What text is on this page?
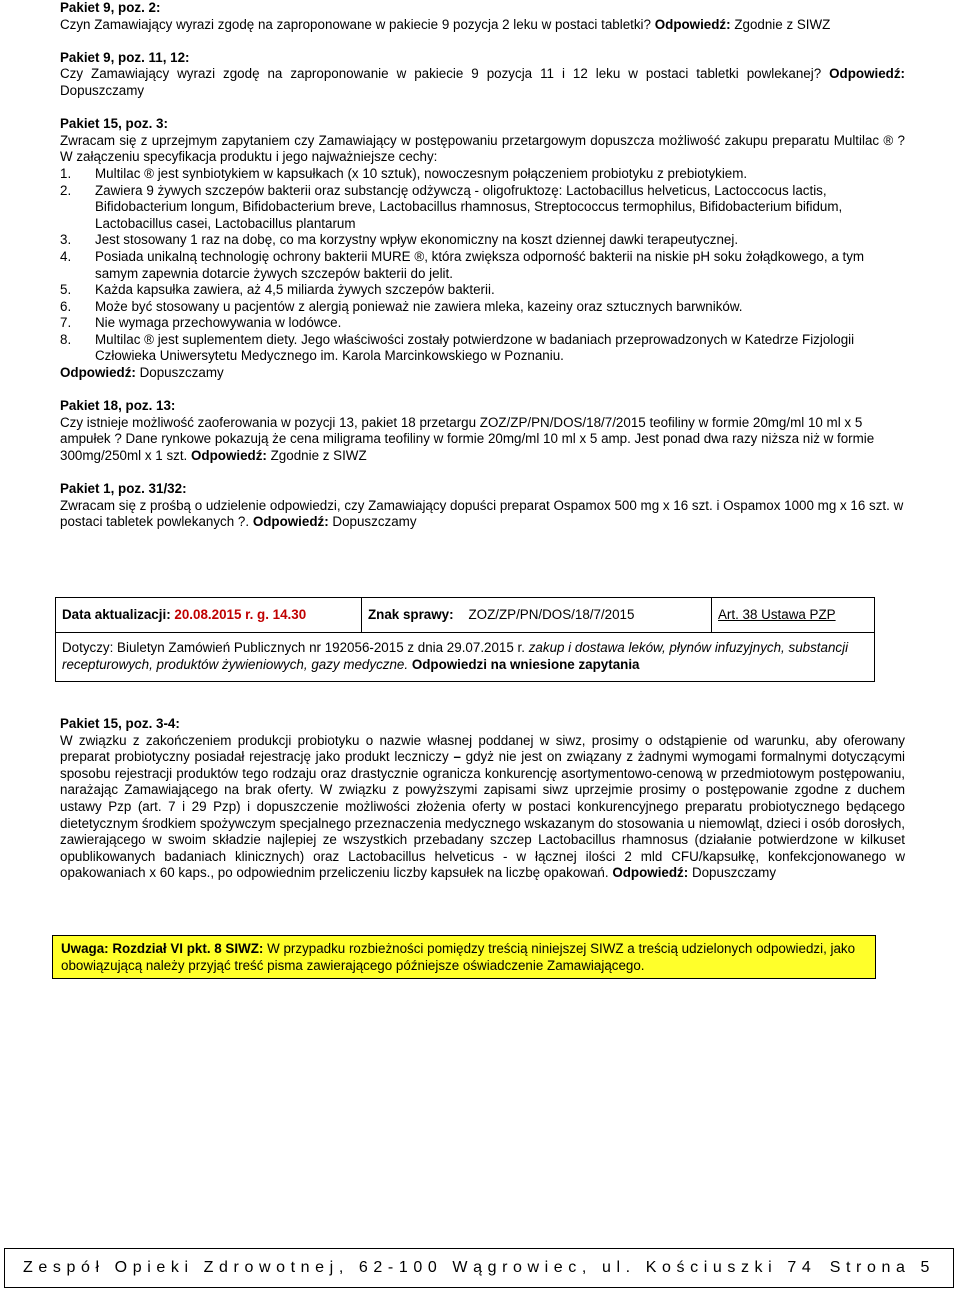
Pakiet 9, poz. 2:
Czyn Zamawiający wyrazi zgodę na zaproponowane w pakiecie 9 pozycja 2 leku w postaci tabletki? Odpowiedź: Zgodnie z SIWZ
Pakiet 9, poz. 11, 12:
Czy Zamawiający wyrazi zgodę na zaproponowanie w pakiecie 9 pozycja 11 i 12 leku w postaci tabletki powlekanej? Odpowiedź: Dopuszczamy
Pakiet 15, poz. 3:
Zwracam się z uprzejmym zapytaniem czy Zamawiający w postępowaniu przetargowym dopuszcza możliwość zakupu preparatu Multilac ® ? W załączeniu specyfikacja produktu i jego najważniejsze cechy:
1. Multilac ® jest synbiotykiem w kapsułkach (x 10 sztuk), nowoczesnym połączeniem probiotyku z prebiotykiem.
2. Zawiera 9 żywych szczepów bakterii oraz substancję odżywczą - oligofruktozę: Lactobacillus helveticus, Lactoccocus lactis, Bifidobacterium longum, Bifidobacterium breve, Lactobacillus rhamnosus, Streptococcus termophilus, Bifidobacterium bifidum, Lactobacillus casei, Lactobacillus plantarum
3. Jest stosowany 1 raz na dobę, co ma korzystny wpływ ekonomiczny na koszt dziennej dawki terapeutycznej.
4. Posiada unikalną technologię ochrony bakterii MURE ®, która zwiększa odporność bakterii na niskie pH soku żołądkowego, a tym samym zapewnia dotarcie żywych szczepów bakterii do jelit.
5. Każda kapsułka zawiera, aż 4,5 miliarda żywych szczepów bakterii.
6. Może być stosowany u pacjentów z alergią ponieważ nie zawiera mleka, kazeiny oraz sztucznych barwników.
7. Nie wymaga przechowywania w lodówce.
8. Multilac ® jest suplementem diety. Jego właściwości zostały potwierdzone w badaniach przeprowadzonych w Katedrze Fizjologii Człowieka Uniwersytetu Medycznego im. Karola Marcinkowskiego w Poznaniu.
Odpowiedź: Dopuszczamy
Pakiet 18, poz. 13:
Czy istnieje możliwość zaoferowania w pozycji 13, pakiet 18 przetargu ZOZ/ZP/PN/DOS/18/7/2015 teofiliny w formie 20mg/ml 10 ml x 5 ampułek ? Dane rynkowe pokazują że cena miligrama teofiliny w formie 20mg/ml 10 ml x 5 amp. Jest ponad dwa razy niższa niż w formie 300mg/250ml x 1 szt. Odpowiedź: Zgodnie z SIWZ
Pakiet 1, poz. 31/32:
Zwracam się z prośbą o udzielenie odpowiedzi, czy Zamawiający dopuści preparat Ospamox 500 mg x 16 szt. i Ospamox 1000 mg x 16 szt. w postaci tabletek powlekanych ?. Odpowiedź: Dopuszczamy
Data aktualizacji:
20.08.2015 r. g. 14.30	Znak sprawy:
ZOZ/ZP/PN/DOS/18/7/2015	Art. 38 Ustawa PZP
Dotyczy: Biuletyn Zamówień Publicznych nr 192056-2015 z dnia 29.07.2015 r. zakup i dostawa leków, płynów infuzyjnych, substancji recepturowych, produktów żywieniowych, gazy medyczne. Odpowiedzi na wniesione zapytania
Pakiet 15, poz. 3-4:
W związku z zakończeniem produkcji probiotyku o nazwie własnej poddanej w siwz, prosimy o odstąpienie od warunku, aby oferowany preparat probiotyczny posiadał rejestrację jako produkt leczniczy – gdyż nie jest on związany z żadnymi wymogami formalnymi dotyczącymi sposobu rejestracji produktów tego rodzaju oraz drastycznie ogranicza konkurencję asortymentowo-cenową w przedmiotowym postępowaniu, narażając Zamawiającego na brak oferty. W związku z powyższymi zapisami siwz uprzejmie prosimy o postępowanie zgodne z duchem ustawy Pzp (art. 7 i 29 Pzp) i dopuszczenie możliwości złożenia oferty w postaci konkurencyjnego preparatu probiotycznego będącego dietetycznym środkiem spożywczym specjalnego przeznaczenia medycznego wskazanym do stosowania u niemowląt, dzieci i osób dorosłych, zawierającego w swoim składzie najlepiej ze wszystkich przebadany szczep Lactobacillus rhamnosus (działanie potwierdzone w kilkuset opublikowanych badaniach klinicznych) oraz Lactobacillus helveticus - w łącznej ilości 2 mld CFU/kapsułkę, konfekcjonowanego w opakowaniach x 60 kaps., po odpowiednim przeliczeniu liczby kapsułek na liczbę opakowań. Odpowiedź: Dopuszczamy
Uwaga: Rozdział VI pkt. 8 SIWZ: W przypadku rozbieżności pomiędzy treścią niniejszej SIWZ a treścią udzielonych odpowiedzi, jako obowiązującą należy przyjąć treść pisma zawierającego późniejsze oświadczenie Zamawiającego.
Zespół Opieki Zdrowotnej, 62-100 Wągrowiec, ul. Kościuszki 74 Strona 5
